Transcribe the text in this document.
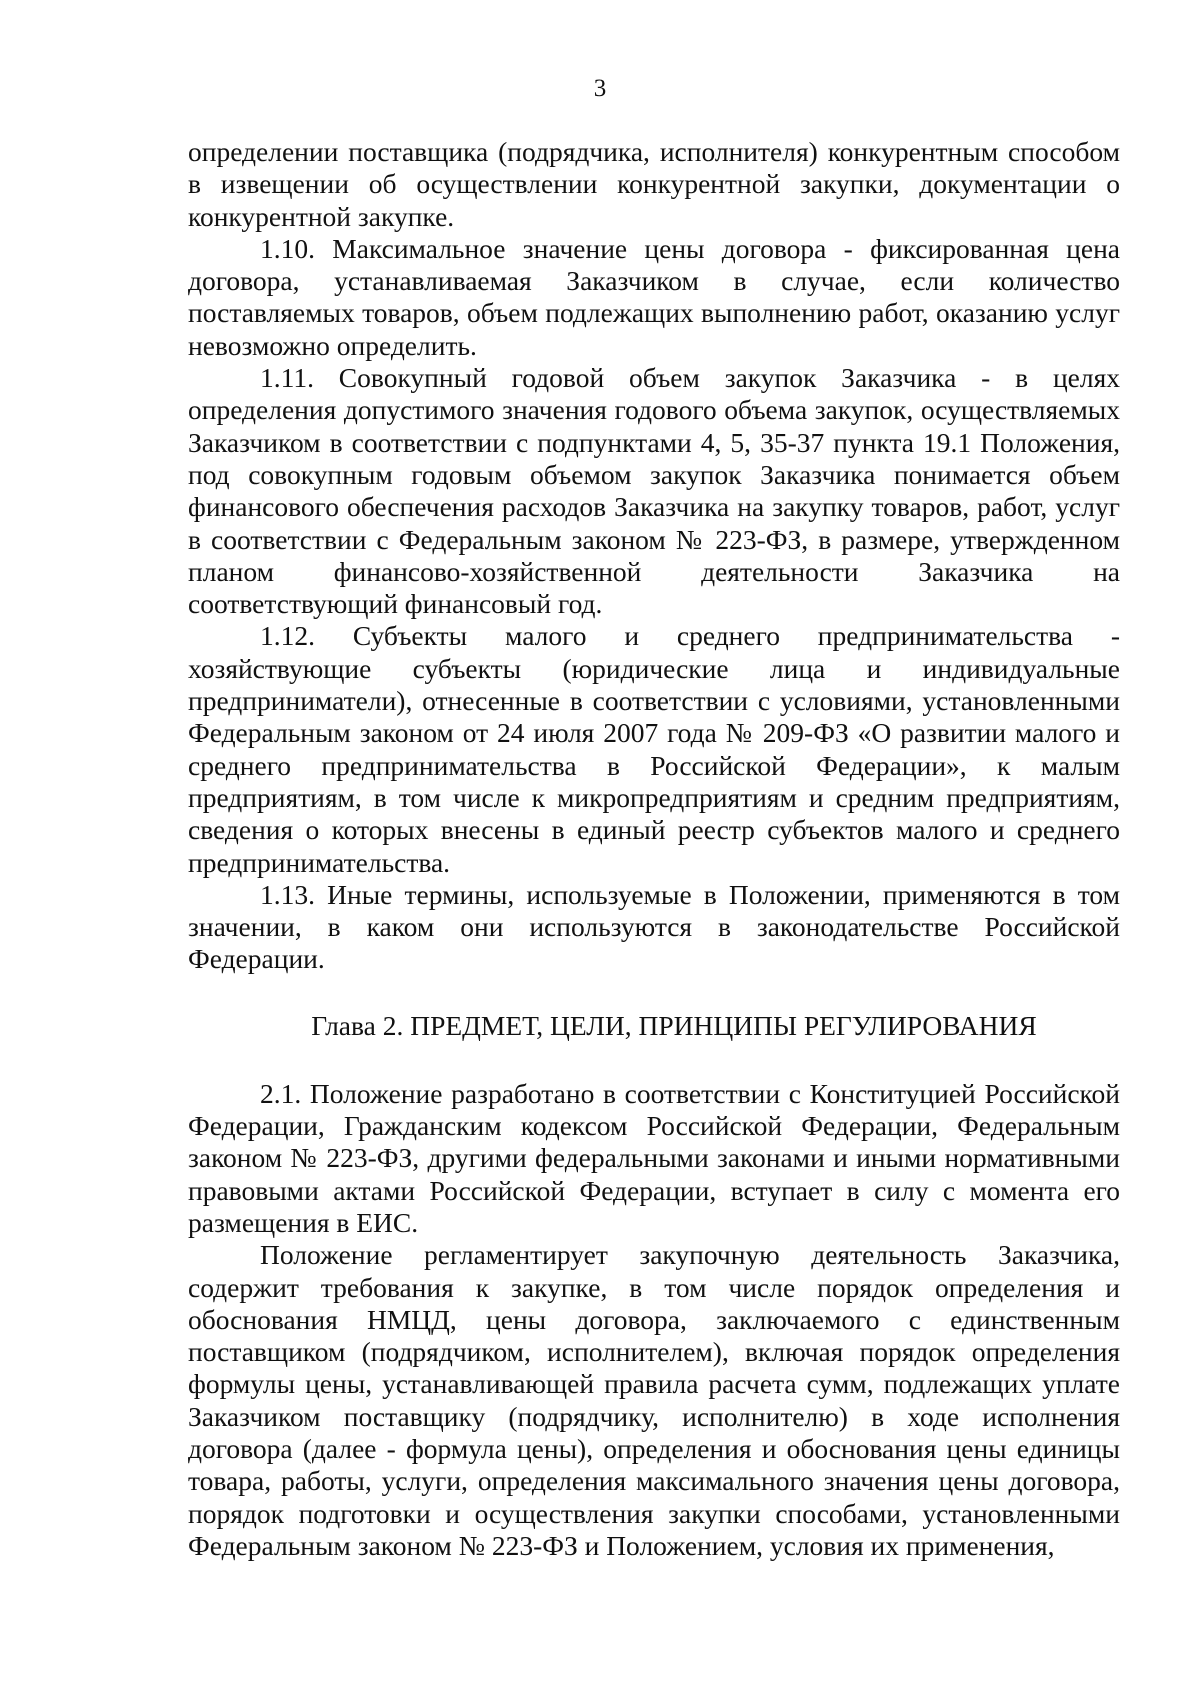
3

определении поставщика (подрядчика, исполнителя) конкурентным способом в извещении об осуществлении конкурентной закупки, документации о конкурентной закупке.

1.10. Максимальное значение цены договора - фиксированная цена договора, устанавливаемая Заказчиком в случае, если количество поставляемых товаров, объем подлежащих выполнению работ, оказанию услуг невозможно определить.

1.11. Совокупный годовой объем закупок Заказчика - в целях определения допустимого значения годового объема закупок, осуществляемых Заказчиком в соответствии с подпунктами 4, 5, 35-37 пункта 19.1 Положения, под совокупным годовым объемом закупок Заказчика понимается объем финансового обеспечения расходов Заказчика на закупку товаров, работ, услуг в соответствии с Федеральным законом № 223-ФЗ, в размере, утвержденном планом финансово-хозяйственной деятельности Заказчика на соответствующий финансовый год.

1.12. Субъекты малого и среднего предпринимательства - хозяйствующие субъекты (юридические лица и индивидуальные предприниматели), отнесенные в соответствии с условиями, установленными Федеральным законом от 24 июля 2007 года № 209-ФЗ «О развитии малого и среднего предпринимательства в Российской Федерации», к малым предприятиям, в том числе к микропредприятиям и средним предприятиям, сведения о которых внесены в единый реестр субъектов малого и среднего предпринимательства.

1.13. Иные термины, используемые в Положении, применяются в том значении, в каком они используются в законодательстве Российской Федерации.

Глава 2. ПРЕДМЕТ, ЦЕЛИ, ПРИНЦИПЫ РЕГУЛИРОВАНИЯ

2.1. Положение разработано в соответствии с Конституцией Российской Федерации, Гражданским кодексом Российской Федерации, Федеральным законом № 223-ФЗ, другими федеральными законами и иными нормативными правовыми актами Российской Федерации, вступает в силу с момента его размещения в ЕИС.

Положение регламентирует закупочную деятельность Заказчика, содержит требования к закупке, в том числе порядок определения и обоснования НМЦД, цены договора, заключаемого с единственным поставщиком (подрядчиком, исполнителем), включая порядок определения формулы цены, устанавливающей правила расчета сумм, подлежащих уплате Заказчиком поставщику (подрядчику, исполнителю) в ходе исполнения договора (далее - формула цены), определения и обоснования цены единицы товара, работы, услуги, определения максимального значения цены договора, порядок подготовки и осуществления закупки способами, установленными Федеральным законом № 223-ФЗ и Положением, условия их применения,
